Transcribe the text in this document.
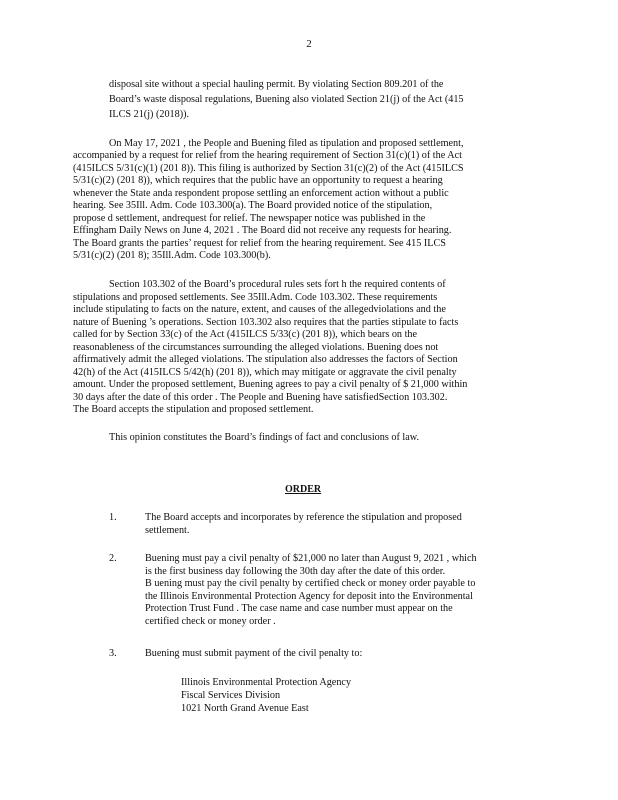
2
disposal site without a special hauling permit. By violating Section 809.201 of the
Board’s waste disposal regulations, Buening also violated Section 21(j) of the Act (415
ILCS 21(j) (2018)).
On May 17, 2021 , the People and Buening filed as tipulation and proposed settlement,
accompanied by a request for relief from the hearing requirement of Section 31(c)(1) of the Act
(415ILCS 5/31(c)(1) (201 8)). This filing is authorized by Section 31(c)(2) of the Act (415ILCS
5/31(c)(2) (201 8)), which requires that the public have an opportunity to request a hearing
whenever the State anda respondent propose settling an enforcement action without a public
hearing. See 35Ill. Adm. Code 103.300(a). The Board provided notice of the stipulation,
propose d settlement, andrequest for relief. The newspaper notice was published in the
Effingham Daily News on June 4, 2021 . The Board did not receive any requests for hearing.
The Board grants the parties’ request for relief from the hearing requirement. See 415 ILCS
5/31(c)(2) (201 8); 35Ill.Adm. Code 103.300(b).
Section 103.302 of the Board’s procedural rules sets fort h the required contents of
stipulations and proposed settlements. See 35Ill.Adm. Code 103.302. These requirements
include stipulating to facts on the nature, extent, and causes of the allegedviolations and the
nature of Buening ’s operations. Section 103.302 also requires that the parties stipulate to facts
called for by Section 33(c) of the Act (415ILCS 5/33(c) (201 8)), which bears on the
reasonableness of the circumstances surrounding the alleged violations. Buening does not
affirmatively admit the alleged violations. The stipulation also addresses the factors of Section
42(h) of the Act (415ILCS 5/42(h) (201 8)), which may mitigate or aggravate the civil penalty
amount. Under the proposed settlement, Buening agrees to pay a civil penalty of $ 21,000 within
30 days after the date of this order . The People and Buening have satisfiedSection 103.302.
The Board accepts the stipulation and proposed settlement.
This opinion constitutes the Board’s findings of fact and conclusions of law.
ORDER
1.	The Board accepts and incorporates by reference the stipulation and proposed
settlement.
2.	Buening must pay a civil penalty of $21,000 no later than August 9, 2021 , which
is the first business day following the 30th day after the date of this order.
B uening must pay the civil penalty by certified check or money order payable to
the Illinois Environmental Protection Agency for deposit into the Environmental
Protection Trust Fund . The case name and case number must appear on the
certified check or money order .
3.	Buening must submit payment of the civil penalty to:
Illinois Environmental Protection Agency
Fiscal Services Division
1021 North Grand Avenue East
